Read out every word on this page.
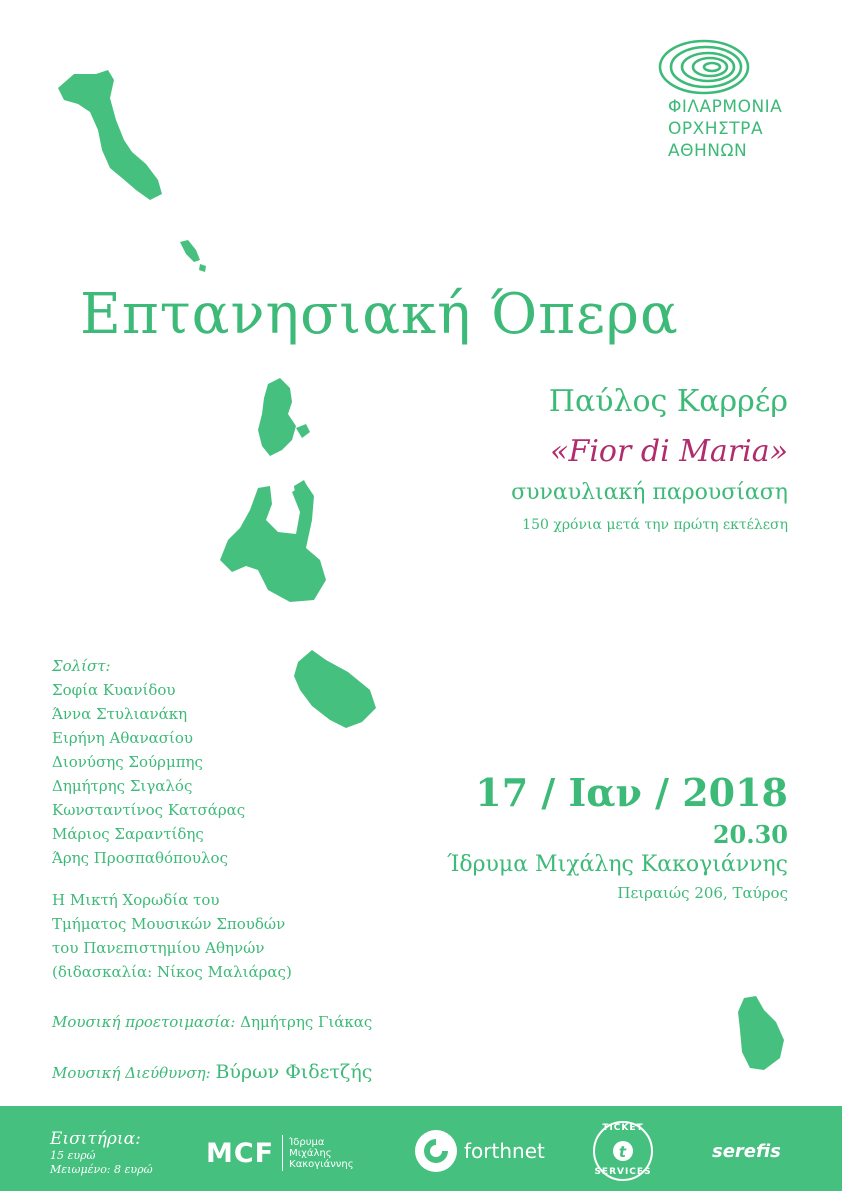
ΦΙΛΑΡΜΟΝΙΑ
ΟΡΧΗΣΤΡΑ
ΑΘΗΝΩΝ
Επτανησιακή Όπερα
Παύλος Καρρέρ
«Fior di Maria»
συναυλιακή παρουσίαση
150 χρόνια μετά την πρώτη εκτέλεση
17 / Ιαν / 2018
20.30
Ίδρυμα Μιχάλης Κακογιάννης
Πειραιώς 206, Ταύρος
Σολίστ:
Σοφία Κυανίδου
Άννα Στυλιανάκη
Ειρήνη Αθανασίου
Διονύσης Σούρμπης
Δημήτρης Σιγαλός
Κωνσταντίνος Κατσάρας
Μάριος Σαραντίδης
Άρης Προσπαθόπουλος
Η Μικτή Χορωδία του
Τμήματος Μουσικών Σπουδών
του Πανεπιστημίου Αθηνών
(διδασκαλία: Νίκος Μαλιάρας)
Μουσική προετοιμασία: Δημήτρης Γιάκας
Μουσική Διεύθυνση: Βύρων Φιδετζής
Εισιτήρια:
15 ευρώ
Μειωμένο: 8 ευρώ
MCF Ίδρυμα
Μιχάλης
Κακογιάννης
forthnet
TICKET
t
SERVICES
serefis
